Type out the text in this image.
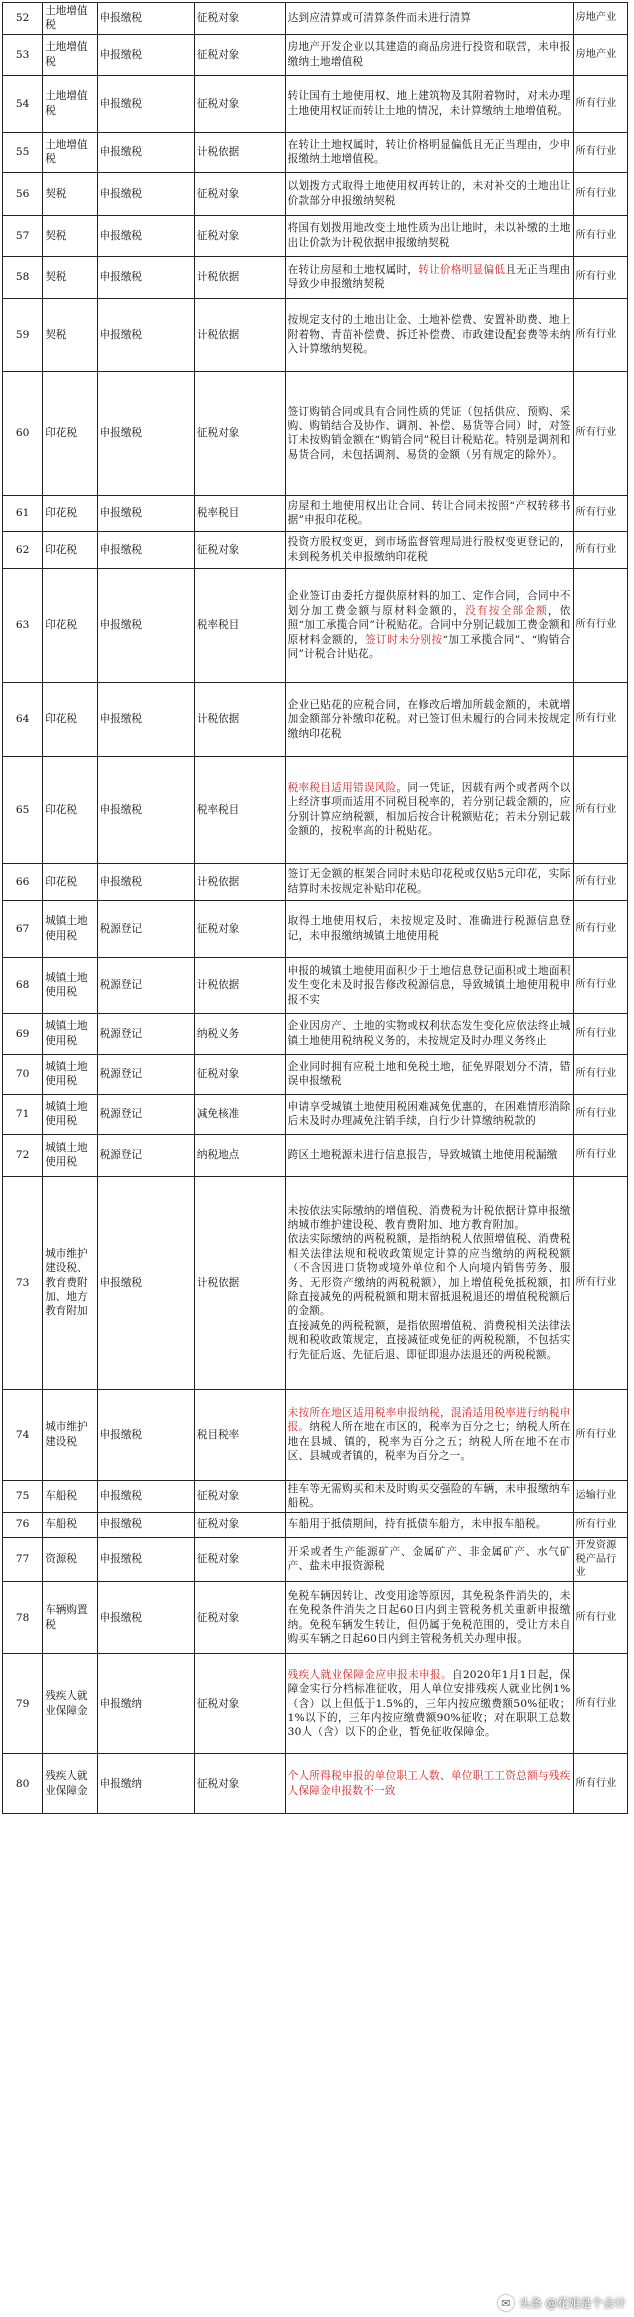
52	土地增值税	申报缴税	征税对象	达到应清算或可清算条件而未进行清算	房地产业
53	土地增值税	申报缴税	征税对象	房地产开发企业以其建造的商品房进行投资和联营，未申报缴纳土地增值税	房地产业
54	土地增值税	申报缴税	征税对象	转让国有土地使用权、地上建筑物及其附着物时，对未办理土地使用权证而转让土地的情况，未计算缴纳土地增值税。	所有行业
55	土地增值税	申报缴税	计税依据	在转让土地权属时，转让价格明显偏低且无正当理由，少申报缴纳土地增值税。	所有行业
56	契税	申报缴税	征税对象	以划拨方式取得土地使用权再转让的，未对补交的土地出让价款部分申报缴纳契税	所有行业
57	契税	申报缴税	征税对象	将国有划拨用地改变土地性质为出让地时，未以补缴的土地出让价款为计税依据申报缴纳契税	所有行业
58	契税	申报缴税	计税依据	在转让房屋和土地权属时，转让价格明显偏低且无正当理由导致少申报缴纳契税	所有行业
59	契税	申报缴税	计税依据	按规定支付的土地出让金、土地补偿费、安置补助费、地上附着物、青苗补偿费、拆迁补偿费、市政建设配套费等未纳入计算缴纳契税。	所有行业
60	印花税	申报缴税	征税对象	签订购销合同或具有合同性质的凭证（包括供应、预购、采购、购销结合及协作、调剂、补偿、易货等合同）时，对签订未按购销金额在“购销合同”税目计税贴花。特别是调剂和易货合同，未包括调剂、易货的金额（另有规定的除外）。	所有行业
61	印花税	申报缴税	税率税目	房屋和土地使用权出让合同、转让合同未按照“产权转移书据”申报印花税。	所有行业
62	印花税	申报缴税	征税对象	投资方股权变更，到市场监督管理局进行股权变更登记的，未到税务机关申报缴纳印花税	所有行业
63	印花税	申报缴税	税率税目	企业签订由委托方提供原材料的加工、定作合同，合同中不划分加工费金额与原材料金额的，没有按全部金额，依照“加工承揽合同”计税贴花。合同中分别记载加工费金额和原材料金额的，签订时未分别按“加工承揽合同”、“购销合同”计税合计贴花。	所有行业
64	印花税	申报缴税	计税依据	企业已贴花的应税合同，在修改后增加所载金额的，未就增加金额部分补缴印花税。对已签订但未履行的合同未按规定缴纳印花税	所有行业
65	印花税	申报缴税	税率税目	税率税目适用错误风险。同一凭证，因载有两个或者两个以上经济事项而适用不同税目税率的，若分别记载金额的，应分别计算应纳税额，相加后按合计税额贴花；若未分别记载金额的，按税率高的计税贴花。	所有行业
66	印花税	申报缴税	计税依据	签订无金额的框架合同时未贴印花税或仅贴5元印花，实际结算时未按规定补贴印花税。	所有行业
67	城镇土地使用税	税源登记	征税对象	取得土地使用权后，未按规定及时、准确进行税源信息登记，未申报缴纳城镇土地使用税	所有行业
68	城镇土地使用税	税源登记	计税依据	申报的城镇土地使用面积少于土地信息登记面积或土地面积发生变化未及时报告修改税源信息，导致城镇土地使用税申报不实	所有行业
69	城镇土地使用税	税源登记	纳税义务	企业因房产、土地的实物或权利状态发生变化应依法终止城镇土地使用税纳税义务的，未按规定及时办理义务终止	所有行业
70	城镇土地使用税	税源登记	征税对象	企业同时拥有应税土地和免税土地，征免界限划分不清，错误申报缴税	所有行业
71	城镇土地使用税	税源登记	减免核准	申请享受城镇土地使用税困难减免优惠的，在困难情形消除后未及时办理减免注销手续，自行少计算缴纳税款的	所有行业
72	城镇土地使用税	税源登记	纳税地点	跨区土地税源未进行信息报告，导致城镇土地使用税漏缴	所有行业
73	城市维护建设税、教育费附加、地方教育附加	申报缴税	计税依据	未按依法实际缴纳的增值税、消费税为计税依据计算申报缴纳城市维护建设税、教育费附加、地方教育附加。
依法实际缴纳的两税税额，是指纳税人依照增值税、消费税相关法律法规和税收政策规定计算的应当缴纳的两税税额（不含因进口货物或境外单位和个人向境内销售劳务、服务、无形资产缴纳的两税税额），加上增值税免抵税额，扣除直接减免的两税税额和期末留抵退税退还的增值税税额后的金额。
直接减免的两税税额，是指依照增值税、消费税相关法律法规和税收政策规定，直接减征或免征的两税税额，不包括实行先征后返、先征后退、即征即退办法退还的两税税额。	所有行业
74	城市维护建设税	申报缴税	税目税率	未按所在地区适用税率申报纳税，混淆适用税率进行纳税申报。纳税人所在地在市区的，税率为百分之七；纳税人所在地在县城、镇的，税率为百分之五；纳税人所在地不在市区、县城或者镇的，税率为百分之一。	所有行业
75	车船税	申报缴税	征税对象	挂车等无需购买和未及时购买交强险的车辆，未申报缴纳车船税。	运输行业
76	车船税	申报缴税	征税对象	车船用于抵债期间，持有抵债车船方，未申报车船税。	所有行业
77	资源税	申报缴税	征税对象	开采或者生产能源矿产、金属矿产、非金属矿产、水气矿产、盐未申报资源税	开发资源税产品行业
78	车辆购置税	申报缴税	征税对象	免税车辆因转让、改变用途等原因，其免税条件消失的，未在免税条件消失之日起60日内到主管税务机关重新申报缴纳。免税车辆发生转让，但仍属于免税范围的，受让方未自购买车辆之日起60日内到主管税务机关办理申报。	所有行业
79	残疾人就业保障金	申报缴纳	征税对象	残疾人就业保障金应申报未申报。自2020年1月1日起，保障金实行分档标准征收，用人单位安排残疾人就业比例1%（含）以上但低于1.5%的，三年内按应缴费额50%征收；1%以下的，三年内按应缴费额90%征收；对在职职工总数30人（含）以下的企业，暂免征收保障金。	所有行业
80	残疾人就业保障金	申报缴纳	征税对象	个人所得税申报的单位职工人数、单位职工工资总额与残疾人保障金申报数不一致	所有行业
✉ 头条 @花姐是个会计
